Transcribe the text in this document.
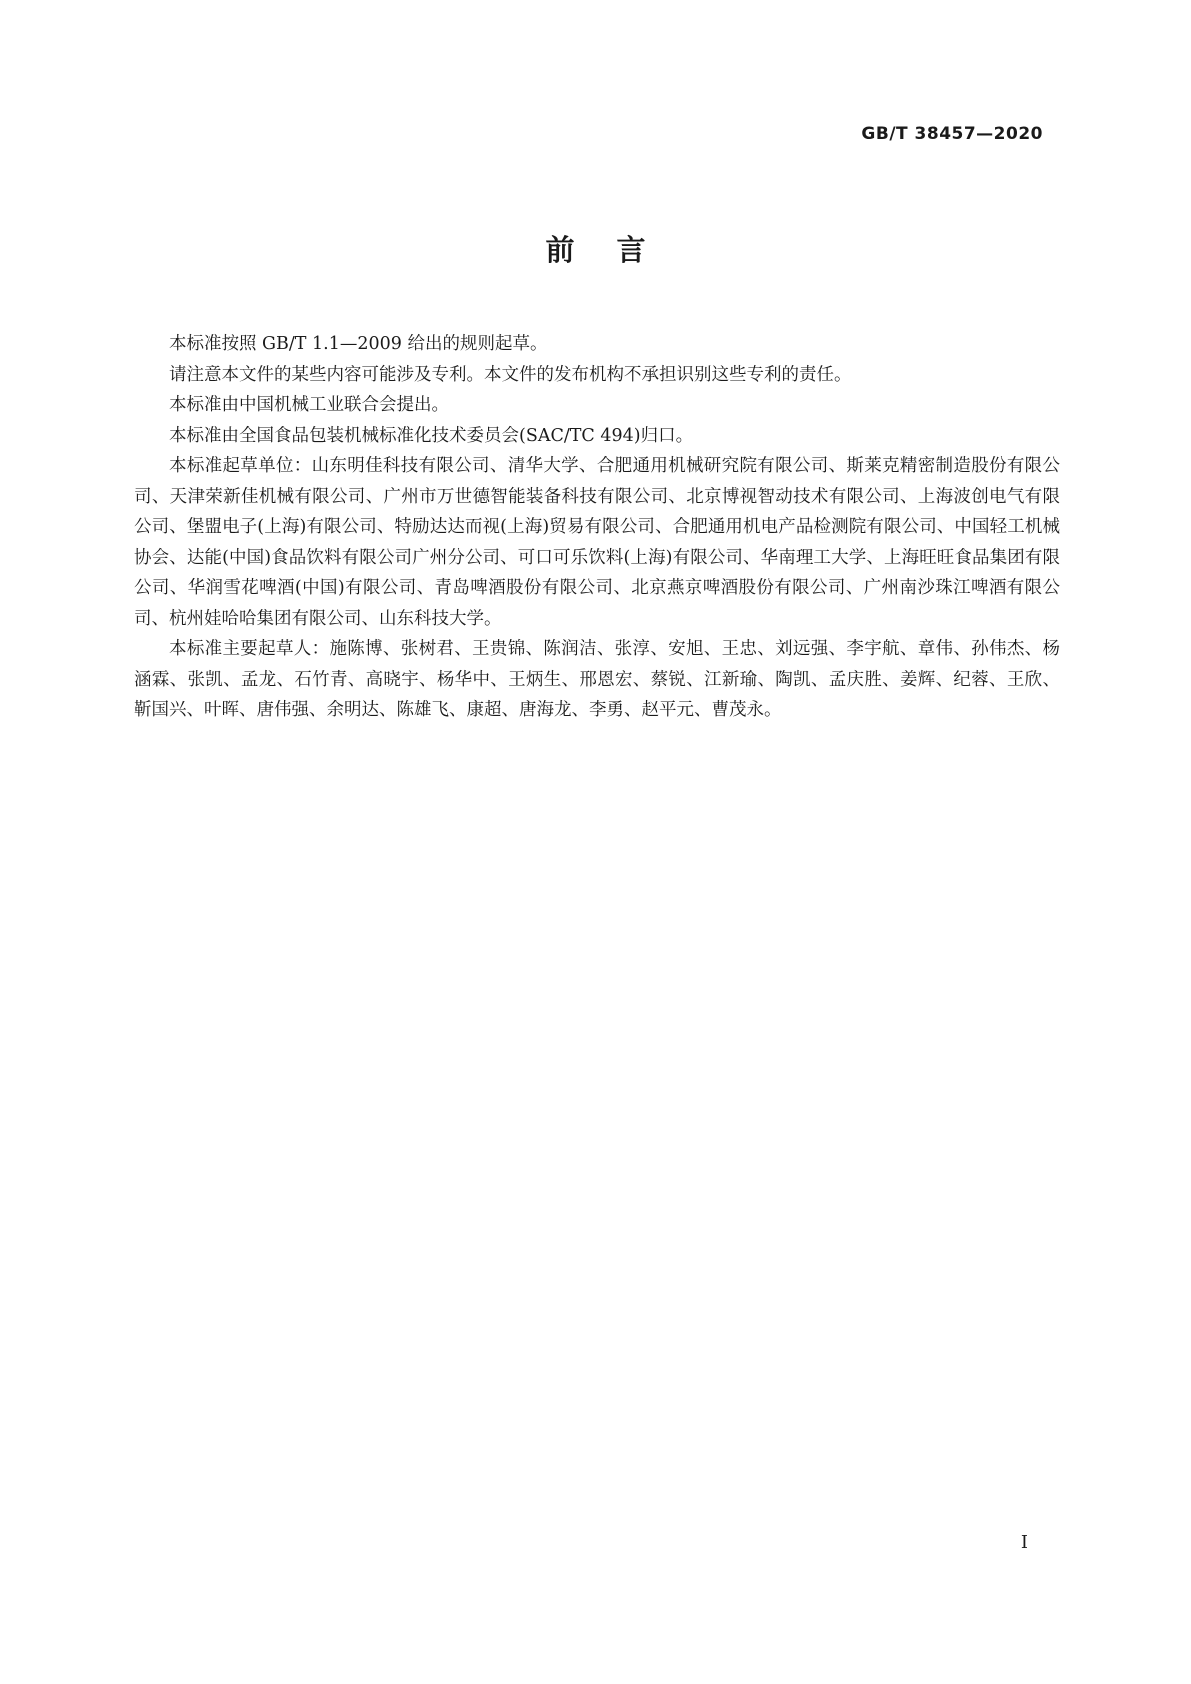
GB/T 38457—2020
前言

本标准按照 GB/T 1.1—2009 给出的规则起草。

请注意本文件的某些内容可能涉及专利。本文件的发布机构不承担识别这些专利的责任。

本标准由中国机械工业联合会提出。

本标准由全国食品包装机械标准化技术委员会(SAC/TC 494)归口。

本标准起草单位：山东明佳科技有限公司、清华大学、合肥通用机械研究院有限公司、斯莱克精密制造股份有限公司、天津荣新佳机械有限公司、广州市万世德智能装备科技有限公司、北京博视智动技术有限公司、上海波创电气有限公司、堡盟电子(上海)有限公司、特励达达而视(上海)贸易有限公司、合肥通用机电产品检测院有限公司、中国轻工机械协会、达能(中国)食品饮料有限公司广州分公司、可口可乐饮料(上海)有限公司、华南理工大学、上海旺旺食品集团有限公司、华润雪花啤酒(中国)有限公司、青岛啤酒股份有限公司、北京燕京啤酒股份有限公司、广州南沙珠江啤酒有限公司、杭州娃哈哈集团有限公司、山东科技大学。

本标准主要起草人：施陈博、张树君、王贵锦、陈润洁、张淳、安旭、王忠、刘远强、李宇航、章伟、孙伟杰、杨涵霖、张凯、孟龙、石竹青、高晓宇、杨华中、王炳生、邢恩宏、蔡锐、江新瑜、陶凯、孟庆胜、姜辉、纪蓉、王欣、靳国兴、叶晖、唐伟强、余明达、陈雄飞、康超、唐海龙、李勇、赵平元、曹茂永。

I
